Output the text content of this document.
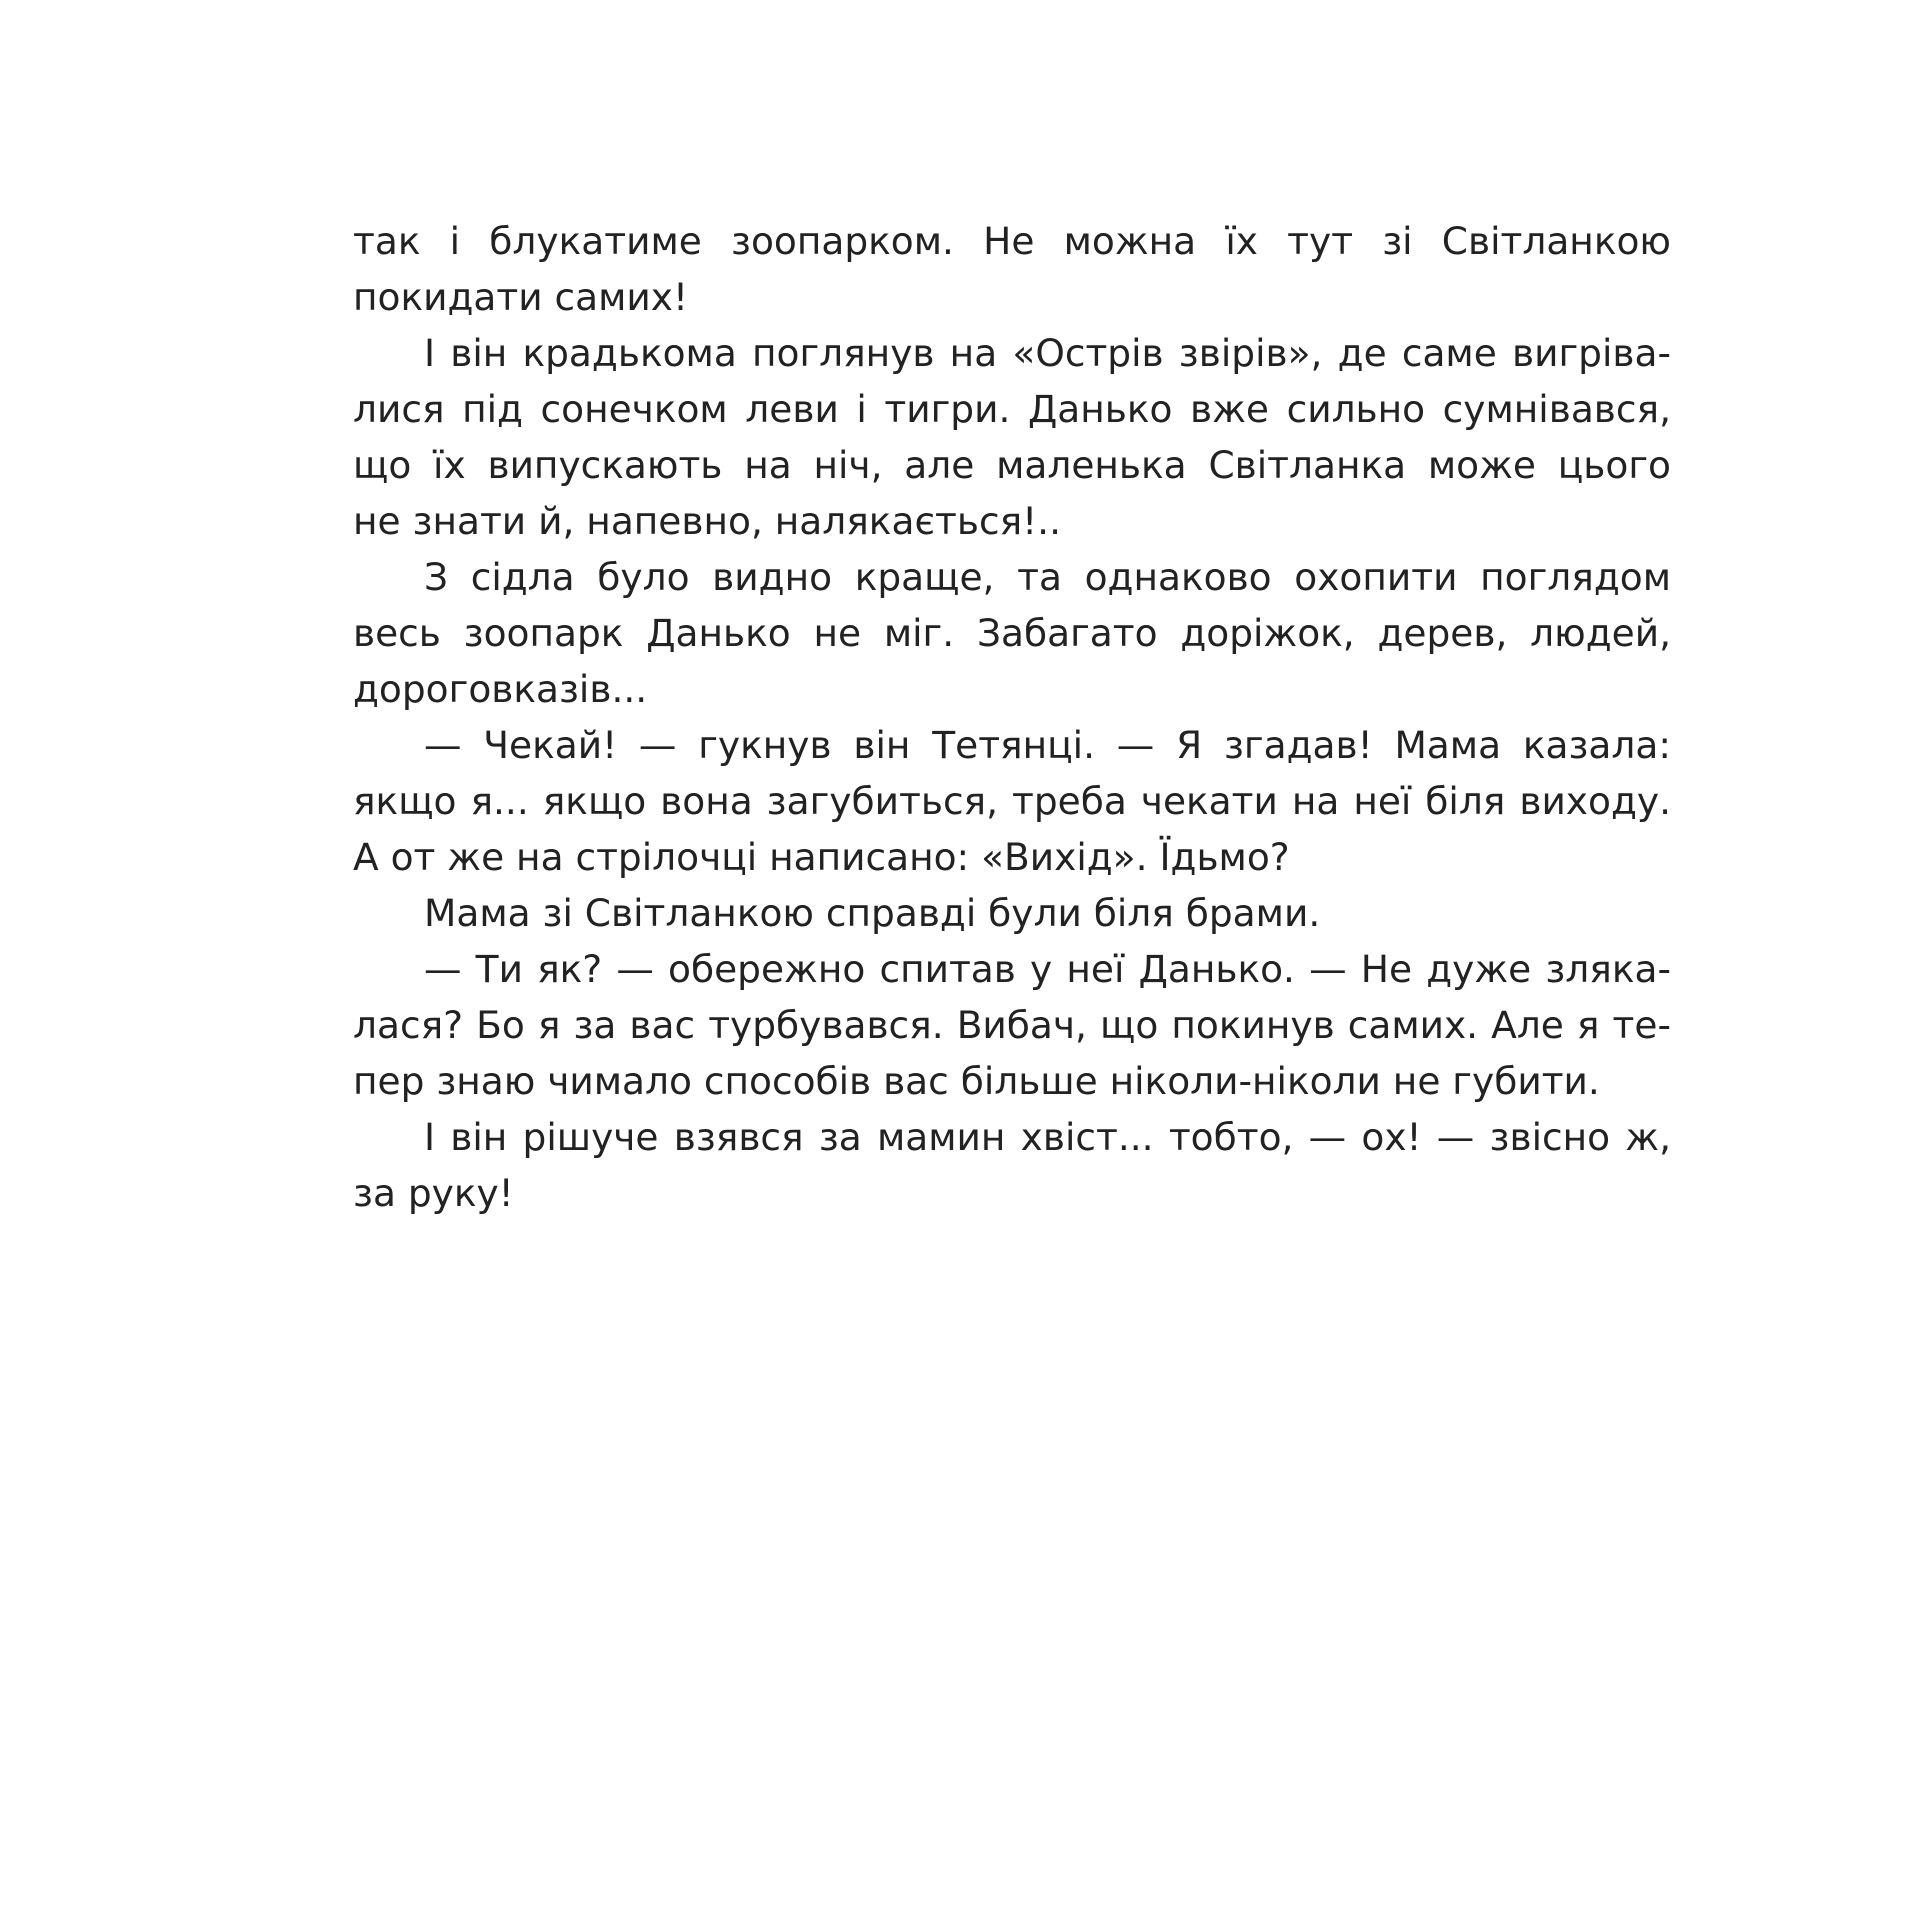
так і блукатиме зоопарком. Не можна їх тут зі Світланкою
покидати самих!
І він крадькома поглянув на «Острів звірів», де саме вигріва-
лися під сонечком леви і тигри. Данько вже сильно сумнівався,
що їх випускають на ніч, але маленька Світланка може цього
не знати й, напевно, налякається!..
З сідла було видно краще, та однаково охопити поглядом
весь зоопарк Данько не міг. Забагато доріжок, дерев, людей,
дороговказів...
— Чекай! — гукнув він Тетянці. — Я згадав! Мама казала:
якщо я... якщо вона загубиться, треба чекати на неї біля виходу.
А от же на стрілочці написано: «Вихід». Їдьмо?
Мама зі Світланкою справді були біля брами.
— Ти як? — обережно спитав у неї Данько. — Не дуже зляка-
лася? Бо я за вас турбувався. Вибач, що покинув самих. Але я те-
пер знаю чимало способів вас більше ніколи-ніколи не губити.
І він рішуче взявся за мамин хвіст... тобто, — ох! — звісно ж,
за руку!
